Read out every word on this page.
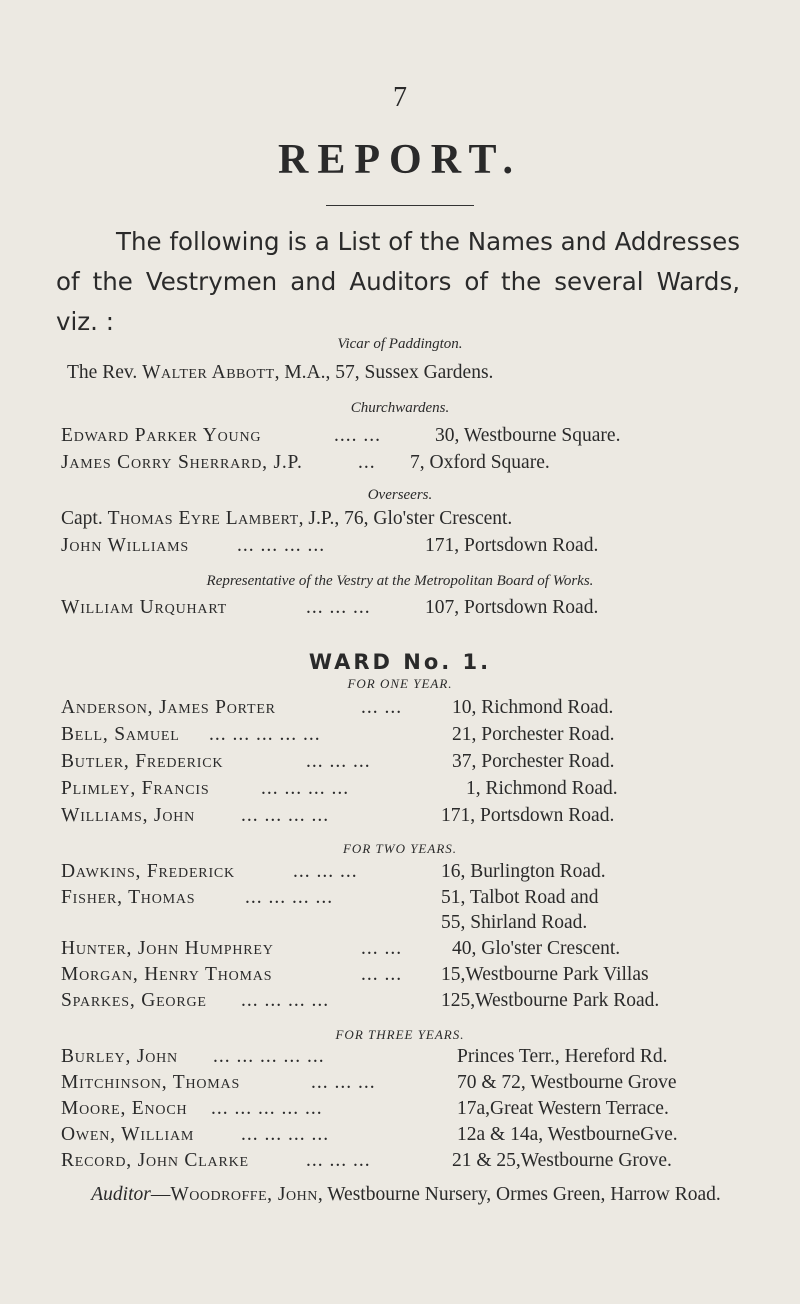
7
REPORT.
The following is a List of the Names and Addresses of the Vestrymen and Auditors of the several Wards, viz. :
Vicar of Paddington.
The Rev. Walter Abbott, M.A., 57, Sussex Gardens.
Churchwardens.
Edward Parker Young	.... ...	30, Westbourne Square.
James Corry Sherrard, J.P.	... 7, Oxford Square.
Overseers.
Capt. Thomas Eyre Lambert, J.P., 76, Glo'ster Crescent.
John Williams ... ... ... ...	171, Portsdown Road.
Representative of the Vestry at the Metropolitan Board of Works.
William Urquhart	... ... ...	107, Portsdown Road.
WARD No. 1.
FOR ONE YEAR.
Anderson, James Porter	... ...	10, Richmond Road.
Bell, Samuel ... ... ... ... ...	21, Porchester Road.
Butler, Frederick	... ... ...	37, Porchester Road.
Plimley, Francis	... ... ... ...	1, Richmond Road.
Williams, John ... ... ... ...	171, Portsdown Road.
FOR TWO YEARS.
Dawkins, Frederick	... ... ...	16, Burlington Road.
Fisher, Thomas	... ... ... ...	51, Talbot Road and
55, Shirland Road.
Hunter, John Humphrey	... ...	40, Glo'ster Crescent.
Morgan, Henry Thomas	... ... 15,Westbourne Park Villas
Sparkes, George ... ... ... ...	125,Westbourne Park Road.
FOR THREE YEARS.
Burley, John ... ... ... ... ...	Princes Terr., Hereford Rd.
Mitchinson, Thomas	... ... ...	70 & 72, Westbourne Grove
Moore, Enoch ... ... ... ... ...	17a,Great Western Terrace.
Owen, William ... ... ... ...	12a & 14a, WestbourneGve.
Record, John Clarke	... ... ...	21 & 25,Westbourne Grove.
Auditor—Woodroffe, John, Westbourne Nursery, Ormes Green, Harrow Road.
